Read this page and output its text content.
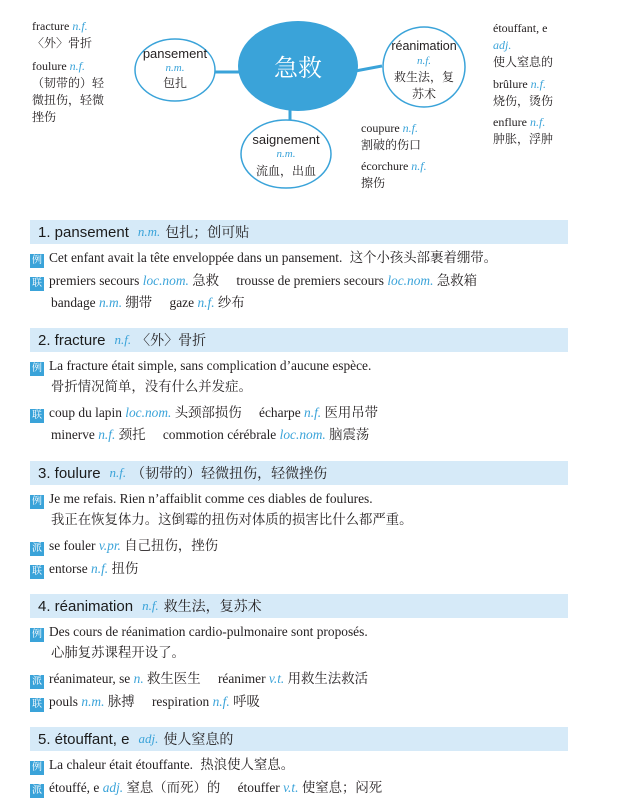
急救
pansement
n.m.
包扎
réanimation
n.f.
救生法，复苏术
saignement
n.m.
流血，出血
fracture n.f.
〈外〉骨折
foulure n.f.
（韧带的）轻
微扭伤，轻微
挫伤
étouffant, e
adj.
使人窒息的
brûlure n.f.
烧伤，烫伤
enflure n.f.
肿胀，浮肿
coupure n.f.
割破的伤口
écorchure n.f.
擦伤
1. pansement n.m. 包扎；创可贴
例 Cet enfant avait la tête enveloppée dans un pansement. 这个小孩头部裹着绷带。
联 premiers secours loc.nom. 急救 trousse de premiers secours loc.nom. 急救箱
bandage n.m. 绷带 gaze n.f. 纱布
2. fracture n.f. 〈外〉骨折
例 La fracture était simple, sans complication d’aucune espèce.
骨折情况简单，没有什么并发症。
联 coup du lapin loc.nom. 头颈部损伤 écharpe n.f. 医用吊带
minerve n.f. 颈托 commotion cérébrale loc.nom. 脑震荡
3. foulure n.f. （韧带的）轻微扭伤，轻微挫伤
例 Je me refais. Rien n’affaiblit comme ces diables de foulures.
我正在恢复体力。这倒霉的扭伤对体质的损害比什么都严重。
派 se fouler v.pr. 自己扭伤，挫伤
联 entorse n.f. 扭伤
4. réanimation n.f. 救生法，复苏术
例 Des cours de réanimation cardio-pulmonaire sont proposés.
心肺复苏课程开设了。
派 réanimateur, se n. 救生医生 réanimer v.t. 用救生法救活
联 pouls n.m. 脉搏 respiration n.f. 呼吸
5. étouffant, e adj. 使人窒息的
例 La chaleur était étouffante. 热浪使人窒息。
派 étouffé, e adj. 窒息（而死）的 étouffer v.t. 使窒息；闷死
